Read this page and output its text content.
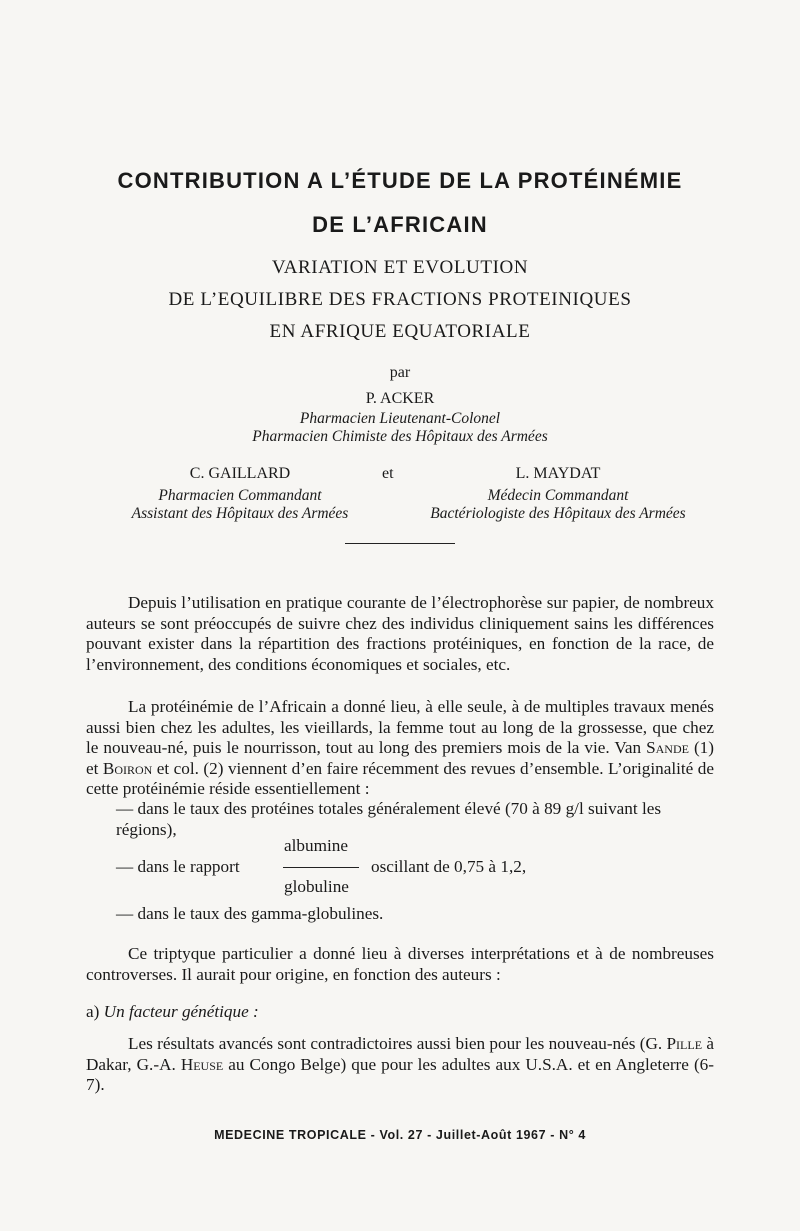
CONTRIBUTION A L’ÉTUDE DE LA PROTÉINÉMIE
DE L’AFRICAIN
VARIATION ET EVOLUTION
DE L’EQUILIBRE DES FRACTIONS PROTEINIQUES
EN AFRIQUE EQUATORIALE
par
P. ACKER
Pharmacien Lieutenant-Colonel
Pharmacien Chimiste des Hôpitaux des Armées
C. GAILLARD	et	L. MAYDAT
Pharmacien Commandant
Assistant des Hôpitaux des Armées
Médecin Commandant
Bactériologiste des Hôpitaux des Armées

Depuis l’utilisation en pratique courante de l’électrophorèse sur papier, de nombreux auteurs se sont préoccupés de suivre chez des individus cliniquement sains les différences pouvant exister dans la répartition des fractions protéiniques, en fonction de la race, de l’environnement, des conditions économiques et sociales, etc.

La protéinémie de l’Africain a donné lieu, à elle seule, à de multiples travaux menés aussi bien chez les adultes, les vieillards, la femme tout au long de la grossesse, que chez le nouveau-né, puis le nourrisson, tout au long des premiers mois de la vie. Van Sande (1) et Boiron et col. (2) viennent d’en faire récemment des revues d’ensemble. L’originalité de cette protéinémie réside essentiellement :

— dans le taux des protéines totales généralement élevé (70 à 89 g/l suivant les régions),
— dans le rapport
albumine
globuline
oscillant de 0,75 à 1,2,
— dans le taux des gamma-globulines.

Ce triptyque particulier a donné lieu à diverses interprétations et à de nombreuses controverses. Il aurait pour origine, en fonction des auteurs :

a) Un facteur génétique :

Les résultats avancés sont contradictoires aussi bien pour les nouveau-nés (G. Pille à Dakar, G.-A. Heuse au Congo Belge) que pour les adultes aux U.S.A. et en Angleterre (6-7).

MEDECINE TROPICALE - Vol. 27 - Juillet-Août 1967 - N° 4
